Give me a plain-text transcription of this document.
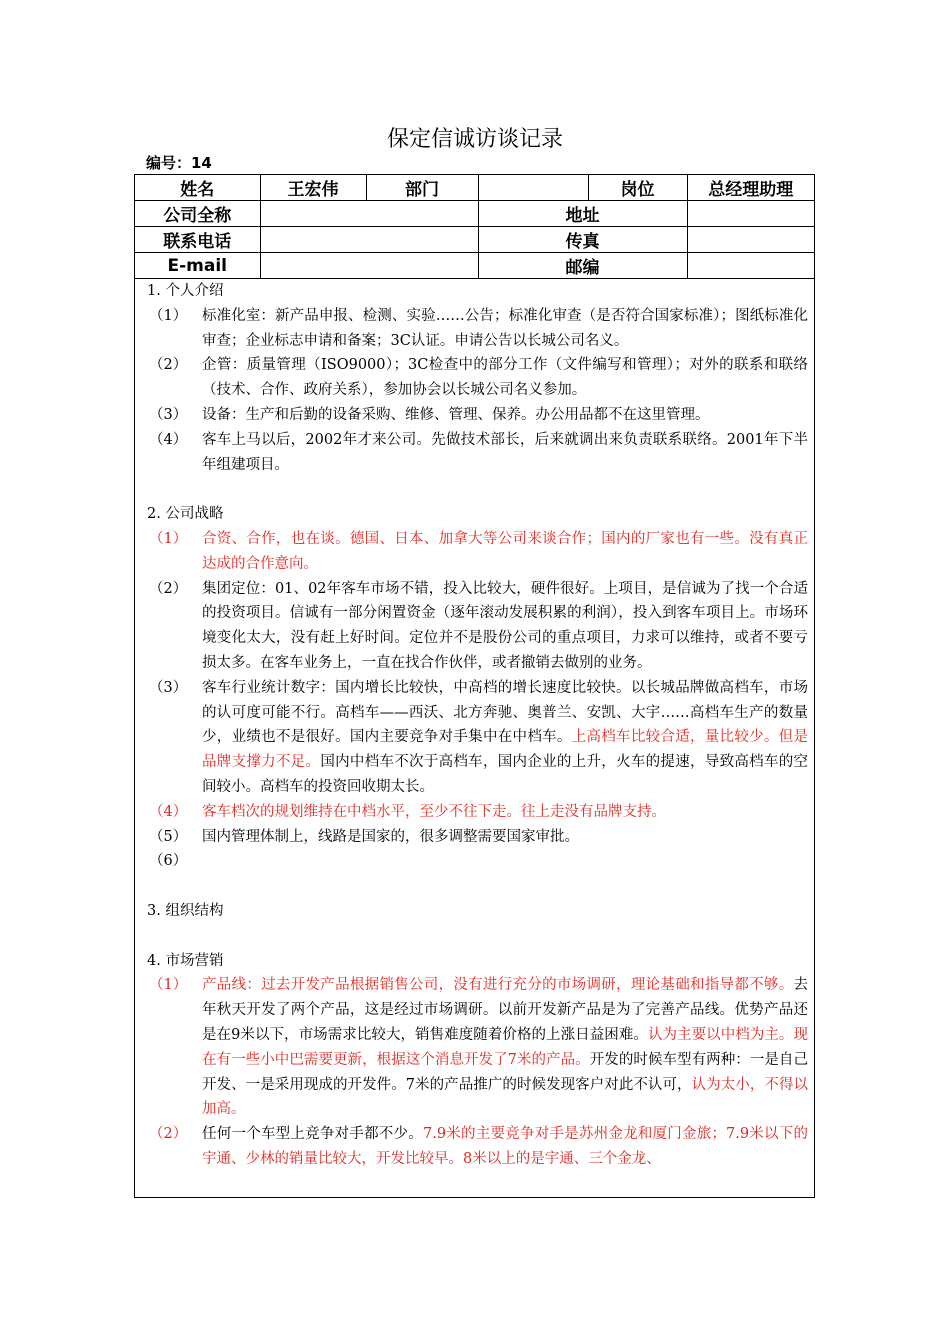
保定信诚访谈记录
编号：14
姓名	王宏伟	部门		岗位	总经理助理
公司全称			地址		
联系电话			传真		
E-mail			邮编		
1. 个人介绍
（1）	标准化室：新产品申报、检测、实验……公告；标准化审查（是否符合国家标准）；图纸标准化审查；企业标志申请和备案；3C认证。申请公告以长城公司名义。
（2）	企管：质量管理（ISO9000）；3C检查中的部分工作（文件编写和管理）；对外的联系和联络（技术、合作、政府关系），参加协会以长城公司名义参加。
（3）	设备：生产和后勤的设备采购、维修、管理、保养。办公用品都不在这里管理。
（4）	客车上马以后，2002年才来公司。先做技术部长，后来就调出来负责联系联络。2001年下半年组建项目。
2. 公司战略
（1）	合资、合作，也在谈。德国、日本、加拿大等公司来谈合作；国内的厂家也有一些。没有真正达成的合作意向。
（2）	集团定位：01、02年客车市场不错，投入比较大，硬件很好。上项目，是信诚为了找一个合适的投资项目。信诚有一部分闲置资金（逐年滚动发展积累的利润），投入到客车项目上。市场环境变化太大，没有赶上好时间。定位并不是股份公司的重点项目，力求可以维持，或者不要亏损太多。在客车业务上，一直在找合作伙伴，或者撤销去做别的业务。
（3）	客车行业统计数字：国内增长比较快，中高档的增长速度比较快。以长城品牌做高档车，市场的认可度可能不行。高档车——西沃、北方奔驰、奥普兰、安凯、大宇……高档车生产的数量少，业绩也不是很好。国内主要竞争对手集中在中档车。上高档车比较合适，量比较少。但是品牌支撑力不足。国内中档车不次于高档车，国内企业的上升，火车的提速，导致高档车的空间较小。高档车的投资回收期太长。
（4）	客车档次的规划维持在中档水平，至少不往下走。往上走没有品牌支持。
（5）	国内管理体制上，线路是国家的，很多调整需要国家审批。
（6）
3. 组织结构
4. 市场营销
（1）	产品线：过去开发产品根据销售公司，没有进行充分的市场调研，理论基础和指导都不够。去年秋天开发了两个产品，这是经过市场调研。以前开发新产品是为了完善产品线。优势产品还是在9米以下，市场需求比较大，销售难度随着价格的上涨日益困难。认为主要以中档为主。现在有一些小中巴需要更新，根据这个消息开发了7米的产品。开发的时候车型有两种：一是自己开发、一是采用现成的开发件。7米的产品推广的时候发现客户对此不认可，认为太小，不得以加高。
（2）	任何一个车型上竞争对手都不少。7.9米的主要竞争对手是苏州金龙和厦门金旅；7.9米以下的宇通、少林的销量比较大，开发比较早。8米以上的是宇通、三个金龙、
